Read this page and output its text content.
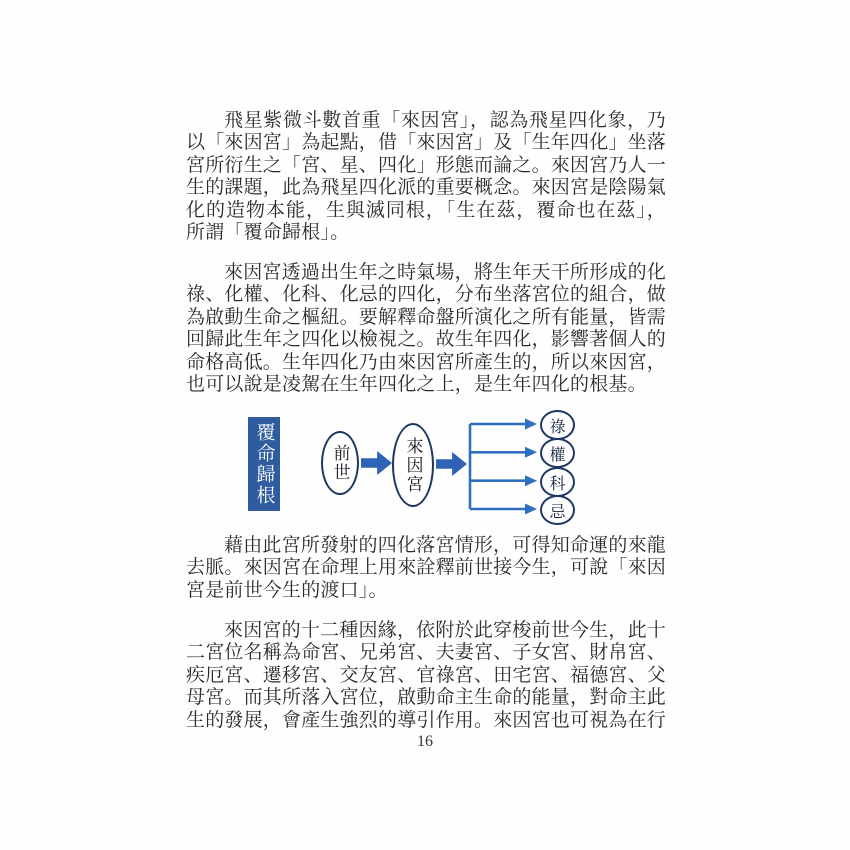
飛星紫微斗數首重「來因宮」，認為飛星四化象，乃以「來因宮」為起點，借「來因宮」及「生年四化」坐落宮所衍生之「宮、星、四化」形態而論之。來因宮乃人一生的課題，此為飛星四化派的重要概念。來因宮是陰陽氣化的造物本能，生與滅同根，「生在茲，覆命也在茲」，所謂「覆命歸根」。

來因宮透過出生年之時氣場，將生年天干所形成的化祿、化權、化科、化忌的四化，分布坐落宮位的組合，做為啟動生命之樞紐。要解釋命盤所演化之所有能量，皆需回歸此生年之四化以檢視之。故生年四化，影響著個人的命格高低。生年四化乃由來因宮所產生的，所以來因宮，也可以說是凌駕在生年四化之上，是生年四化的根基。

覆命歸根	前世	來因宮
祿
權
科
忌

藉由此宮所發射的四化落宮情形，可得知命運的來龍去脈。來因宮在命理上用來詮釋前世接今生，可說「來因宮是前世今生的渡口」。

來因宮的十二種因緣，依附於此穿梭前世今生，此十二宮位名稱為命宮、兄弟宮、夫妻宮、子女宮、財帛宮、疾厄宮、遷移宮、交友宮、官祿宮、田宅宮、福德宮、父母宮。而其所落入宮位，啟動命主生命的能量，對命主此生的發展，會產生強烈的導引作用。來因宮也可視為在行

16
